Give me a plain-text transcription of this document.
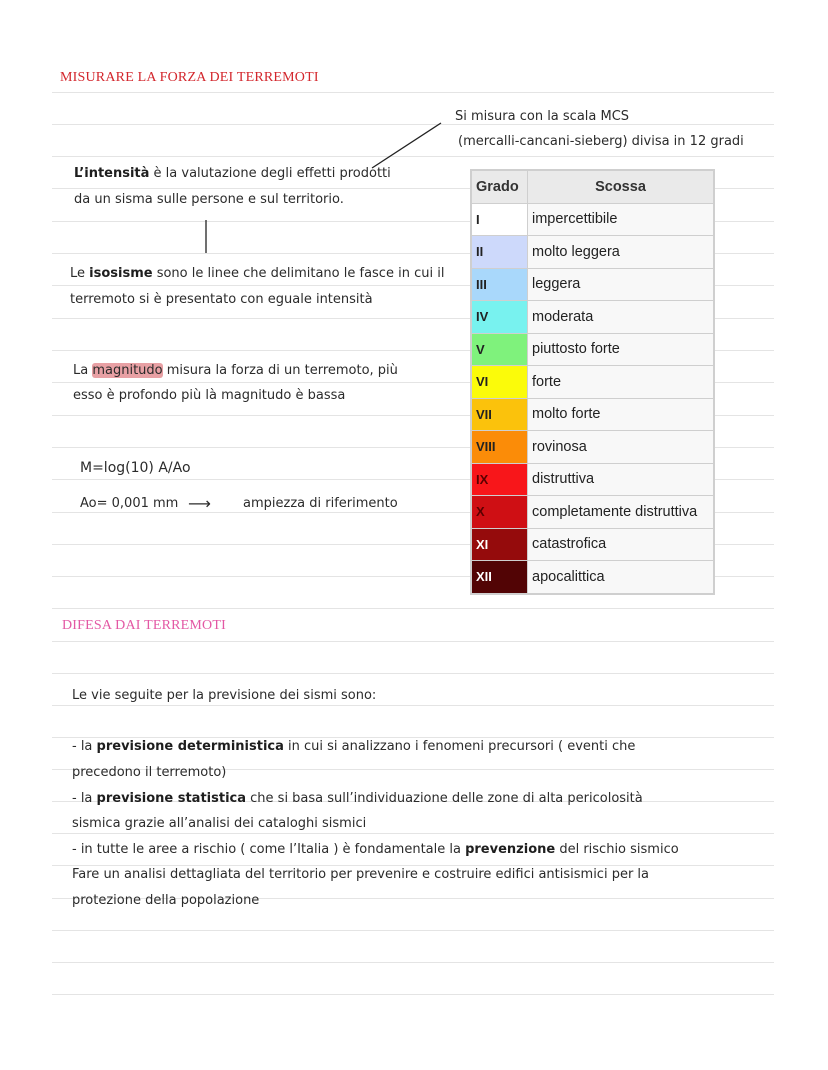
MISURARE LA FORZA DEI TERREMOTI
Si misura con la scala MCS
(mercalli-cancani-sieberg) divisa in 12 gradi
L’intensità è la valutazione degli effetti prodotti
da un sisma sulle persone e sul territorio.
Le isosisme sono le linee che delimitano le fasce in cui il
terremoto si è presentato con eguale intensità
La magnitudo misura la forza di un terremoto, più
esso è profondo più là magnitudo è bassa
M=log(10) A/Ao
Ao= 0,001 mm ⟶ ampiezza di riferimento
Grado	Scossa
I	impercettibile
II	molto leggera
III	leggera
IV	moderata
V	piuttosto forte
VI	forte
VII	molto forte
VIII	rovinosa
IX	distruttiva
X	completamente distruttiva
XI	catastrofica
XII	apocalittica
DIFESA DAI TERREMOTI
Le vie seguite per la previsione dei sismi sono:
- la previsione deterministica in cui si analizzano i fenomeni precursori ( eventi che
precedono il terremoto)
- la previsione statistica che si basa sull’individuazione delle zone di alta pericolosità
sismica grazie all’analisi dei cataloghi sismici
- in tutte le aree a rischio ( come l’Italia ) è fondamentale la prevenzione del rischio sismico
Fare un analisi dettagliata del territorio per prevenire e costruire edifici antisismici per la
protezione della popolazione
